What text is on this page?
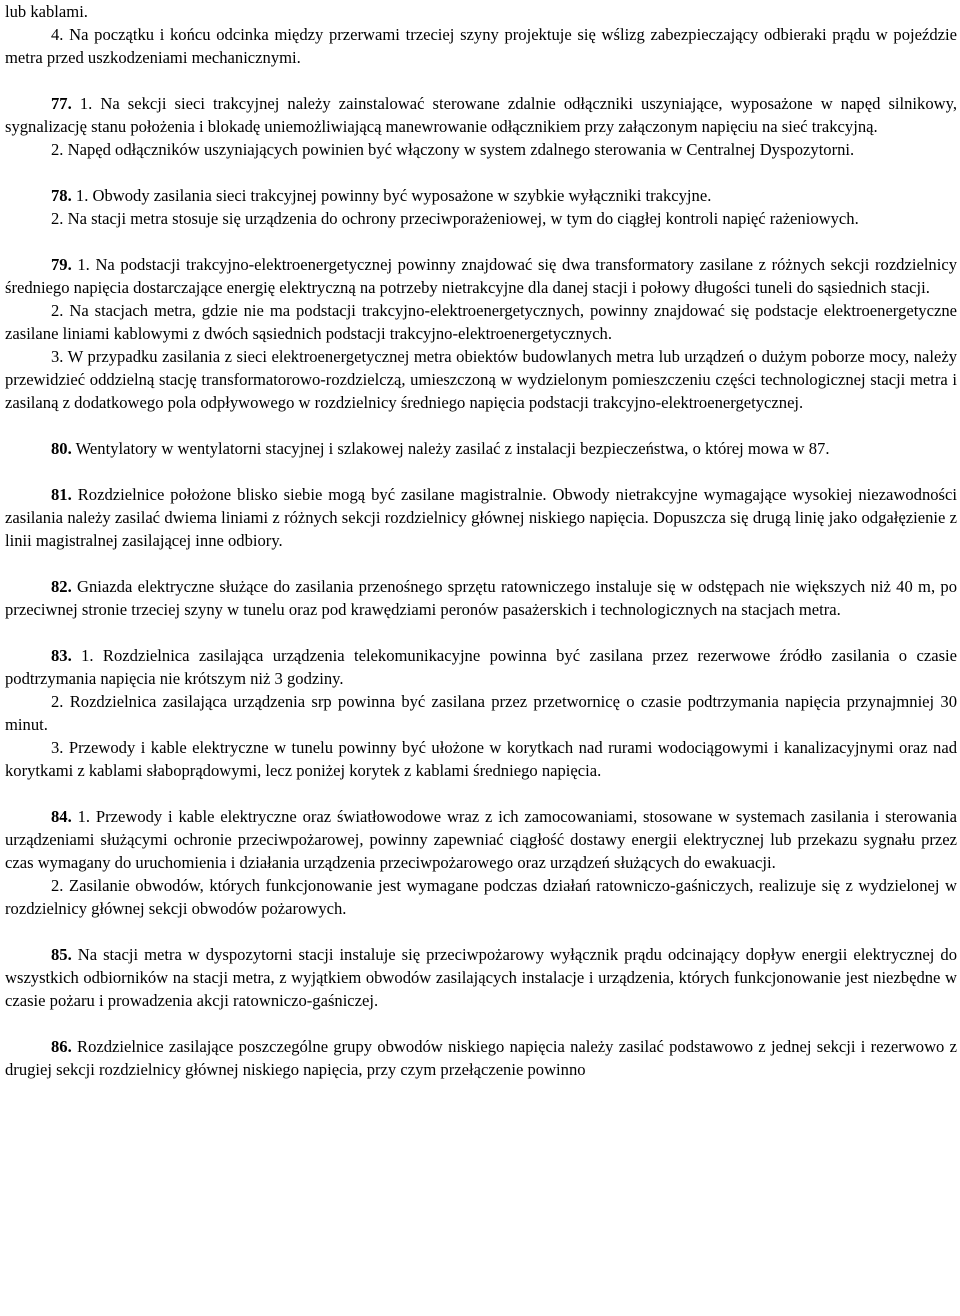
lub kablami.

4. Na początku i końcu odcinka między przerwami trzeciej szyny projektuje się wślizg zabezpieczający odbieraki prądu w pojeździe metra przed uszkodzeniami mechanicznymi.

77. 1. Na sekcji sieci trakcyjnej należy zainstalować sterowane zdalnie odłączniki uszyniające, wyposażone w napęd silnikowy, sygnalizację stanu położenia i blokadę uniemożliwiającą manewrowanie odłącznikiem przy załączonym napięciu na sieć trakcyjną.

2. Napęd odłączników uszyniających powinien być włączony w system zdalnego sterowania w Centralnej Dyspozytorni.

78. 1. Obwody zasilania sieci trakcyjnej powinny być wyposażone w szybkie wyłączniki trakcyjne.

2. Na stacji metra stosuje się urządzenia do ochrony przeciwporażeniowej, w tym do ciągłej kontroli napięć rażeniowych.

79. 1. Na podstacji trakcyjno-elektroenergetycznej powinny znajdować się dwa transformatory zasilane z różnych sekcji rozdzielnicy średniego napięcia dostarczające energię elektryczną na potrzeby nietrakcyjne dla danej stacji i połowy długości tuneli do sąsiednich stacji.

2. Na stacjach metra, gdzie nie ma podstacji trakcyjno-elektroenergetycznych, powinny znajdować się podstacje elektroenergetyczne zasilane liniami kablowymi z dwóch sąsiednich podstacji trakcyjno-elektroenergetycznych.

3. W przypadku zasilania z sieci elektroenergetycznej metra obiektów budowlanych metra lub urządzeń o dużym poborze mocy, należy przewidzieć oddzielną stację transformatorowo-rozdzielczą, umieszczoną w wydzielonym pomieszczeniu części technologicznej stacji metra i zasilaną z dodatkowego pola odpływowego w rozdzielnicy średniego napięcia podstacji trakcyjno-elektroenergetycznej.

80. Wentylatory w wentylatorni stacyjnej i szlakowej należy zasilać z instalacji bezpieczeństwa, o której mowa w 87.

81. Rozdzielnice położone blisko siebie mogą być zasilane magistralnie. Obwody nietrakcyjne wymagające wysokiej niezawodności zasilania należy zasilać dwiema liniami z różnych sekcji rozdzielnicy głównej niskiego napięcia. Dopuszcza się drugą linię jako odgałęzienie z linii magistralnej zasilającej inne odbiory.

82. Gniazda elektryczne służące do zasilania przenośnego sprzętu ratowniczego instaluje się w odstępach nie większych niż 40 m, po przeciwnej stronie trzeciej szyny w tunelu oraz pod krawędziami peronów pasażerskich i technologicznych na stacjach metra.

83. 1. Rozdzielnica zasilająca urządzenia telekomunikacyjne powinna być zasilana przez rezerwowe źródło zasilania o czasie podtrzymania napięcia nie krótszym niż 3 godziny.

2. Rozdzielnica zasilająca urządzenia srp powinna być zasilana przez przetwornicę o czasie podtrzymania napięcia przynajmniej 30 minut.

3. Przewody i kable elektryczne w tunelu powinny być ułożone w korytkach nad rurami wodociągowymi i kanalizacyjnymi oraz nad korytkami z kablami słaboprądowymi, lecz poniżej korytek z kablami średniego napięcia.

84. 1. Przewody i kable elektryczne oraz światłowodowe wraz z ich zamocowaniami, stosowane w systemach zasilania i sterowania urządzeniami służącymi ochronie przeciwpożarowej, powinny zapewniać ciągłość dostawy energii elektrycznej lub przekazu sygnału przez czas wymagany do uruchomienia i działania urządzenia przeciwpożarowego oraz urządzeń służących do ewakuacji.

2. Zasilanie obwodów, których funkcjonowanie jest wymagane podczas działań ratowniczo-gaśniczych, realizuje się z wydzielonej w rozdzielnicy głównej sekcji obwodów pożarowych.

85. Na stacji metra w dyspozytorni stacji instaluje się przeciwpożarowy wyłącznik prądu odcinający dopływ energii elektrycznej do wszystkich odbiorników na stacji metra, z wyjątkiem obwodów zasilających instalacje i urządzenia, których funkcjonowanie jest niezbędne w czasie pożaru i prowadzenia akcji ratowniczo-gaśniczej.

86. Rozdzielnice zasilające poszczególne grupy obwodów niskiego napięcia należy zasilać podstawowo z jednej sekcji i rezerwowo z drugiej sekcji rozdzielnicy głównej niskiego napięcia, przy czym przełączenie powinno
